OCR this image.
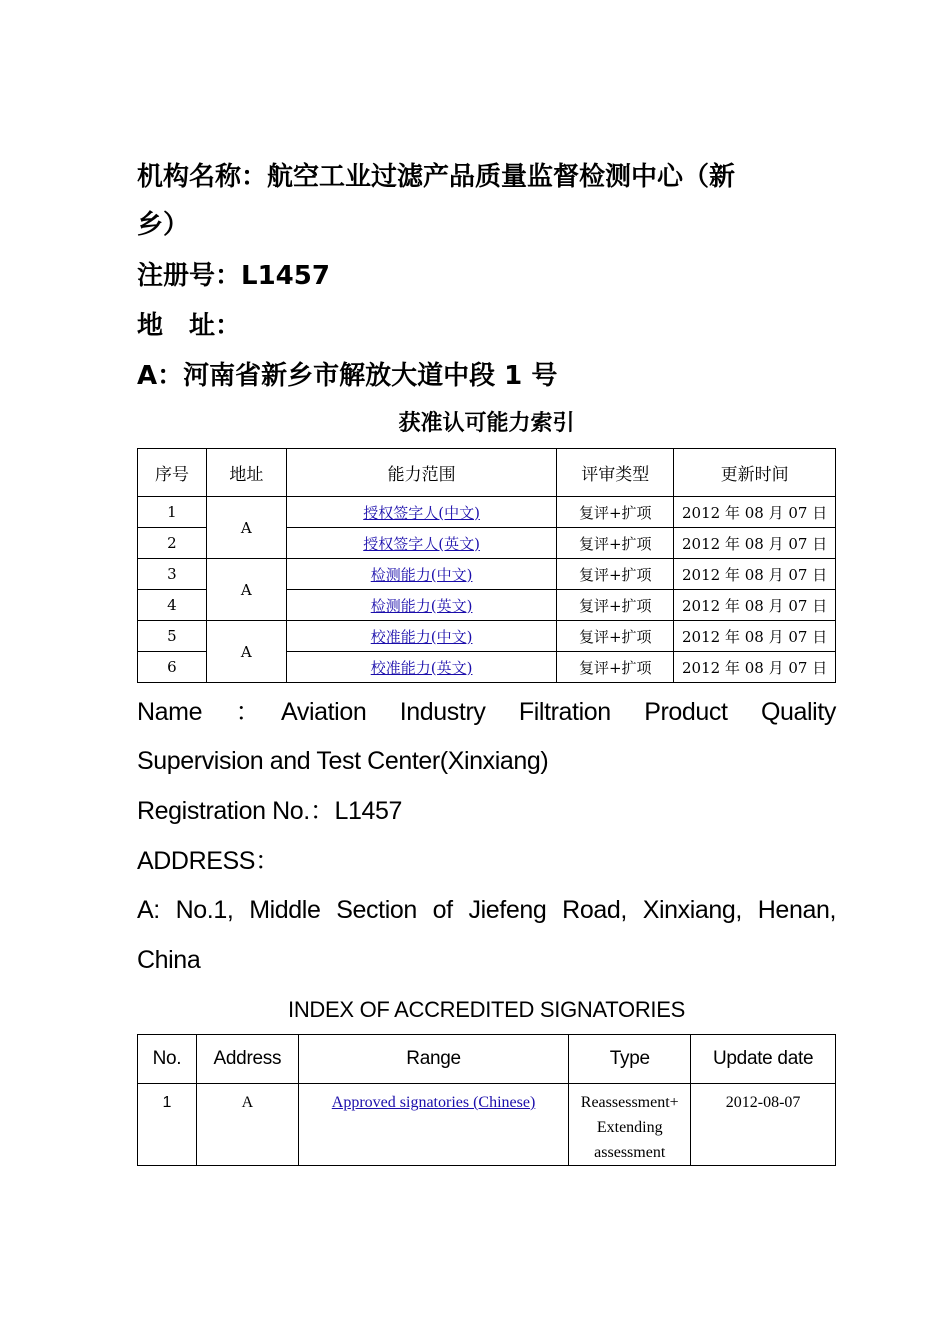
机构名称：航空工业过滤产品质量监督检测中心（新
乡）
注册号：L1457
地　址：
A：河南省新乡市解放大道中段 1 号
获准认可能力索引
序号	地址	能力范围	评审类型	更新时间
1	A	授权签字人(中文)	复评+扩项	2012 年 08 月 07 日
2		授权签字人(英文)	复评+扩项	2012 年 08 月 07 日
3	A	检测能力(中文)	复评+扩项	2012 年 08 月 07 日
4		检测能力(英文)	复评+扩项	2012 年 08 月 07 日
5	A	校准能力(中文)	复评+扩项	2012 年 08 月 07 日
6		校准能力(英文)	复评+扩项	2012 年 08 月 07 日
Name　：　Aviation　Industry　Filtration　Product　Quality
Supervision and Test Center(Xinxiang)
Registration No.：L1457
ADDRESS：
A: No.1, Middle Section of Jiefeng Road, Xinxiang, Henan,
China
INDEX OF ACCREDITED SIGNATORIES
No.	Address	Range	Type	Update date
1	A	Approved signatories (Chinese)	Reassessment+
Extending
assessment	2012-08-07
